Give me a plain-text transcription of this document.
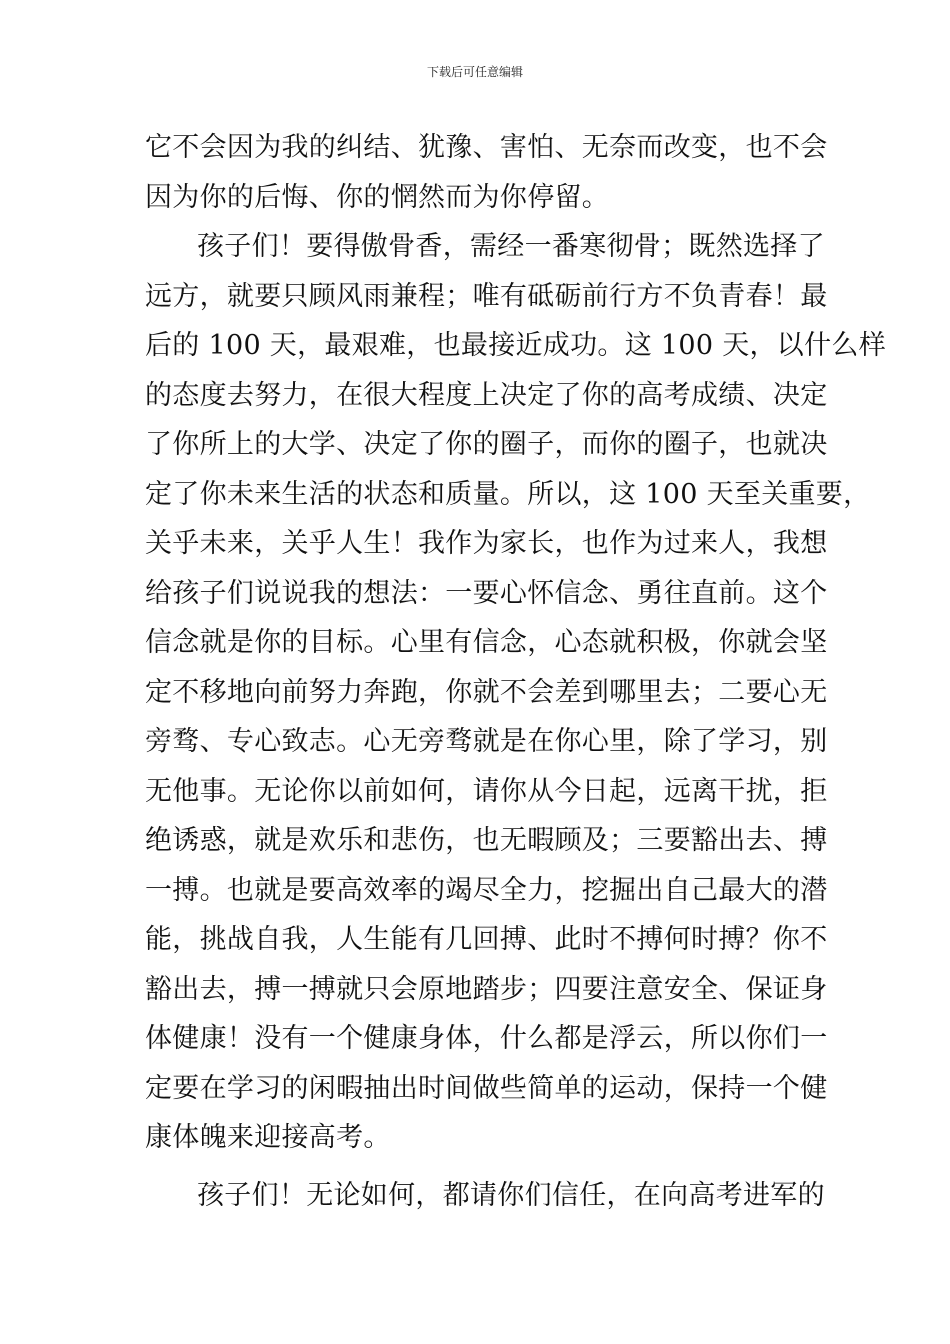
下载后可任意编辑
它不会因为我的纠结、犹豫、害怕、无奈而改变，也不会
因为你的后悔、你的惘然而为你停留。
孩子们！要得傲骨香，需经一番寒彻骨；既然选择了
远方，就要只顾风雨兼程；唯有砥砺前行方不负青春！最
后的 100 天，最艰难，也最接近成功。这 100 天，以什么样
的态度去努力，在很大程度上决定了你的高考成绩、决定
了你所上的大学、决定了你的圈子，而你的圈子，也就决
定了你未来生活的状态和质量。所以，这 100 天至关重要，
关乎未来，关乎人生！我作为家长，也作为过来人，我想
给孩子们说说我的想法：一要心怀信念、勇往直前。这个
信念就是你的目标。心里有信念，心态就积极，你就会坚
定不移地向前努力奔跑，你就不会差到哪里去；二要心无
旁骛、专心致志。心无旁骛就是在你心里，除了学习，别
无他事。无论你以前如何，请你从今日起，远离干扰，拒
绝诱惑，就是欢乐和悲伤，也无暇顾及；三要豁出去、搏
一搏。也就是要高效率的竭尽全力，挖掘出自己最大的潜
能，挑战自我，人生能有几回搏、此时不搏何时搏？你不
豁出去，搏一搏就只会原地踏步；四要注意安全、保证身
体健康！没有一个健康身体，什么都是浮云，所以你们一
定要在学习的闲暇抽出时间做些简单的运动，保持一个健
康体魄来迎接高考。
孩子们！无论如何，都请你们信任，在向高考进军的
